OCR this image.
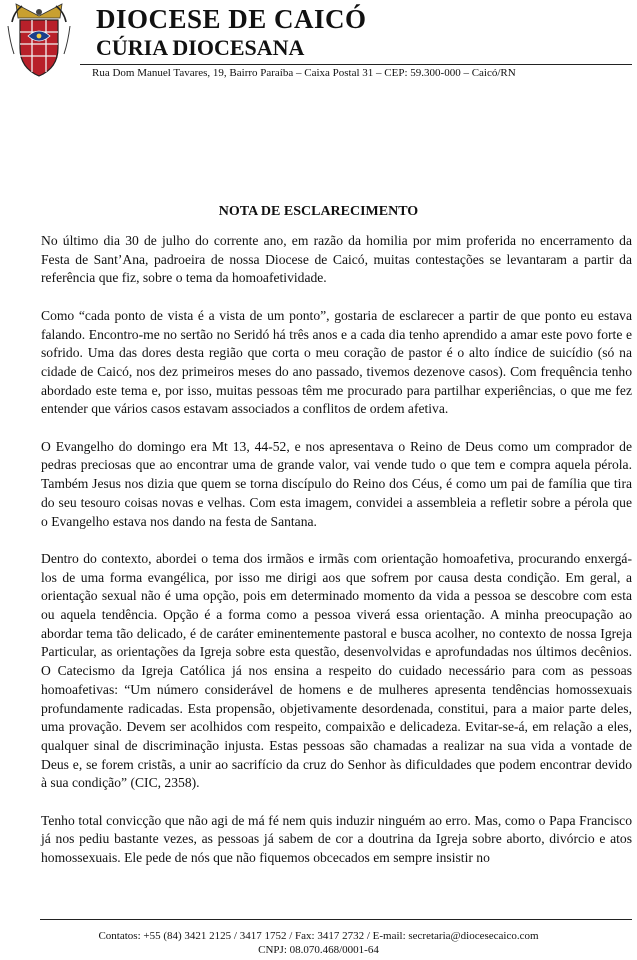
DIOCESE DE CAICÓ
CÚRIA DIOCESANA
Rua Dom Manuel Tavares, 19, Bairro Paraíba – Caixa Postal 31 – CEP: 59.300-000 – Caicó/RN
NOTA DE ESCLARECIMENTO

No último dia 30 de julho do corrente ano, em razão da homilia por mim proferida no encerramento da Festa de Sant’Ana, padroeira de nossa Diocese de Caicó, muitas contestações se levantaram a partir da referência que fiz, sobre o tema da homoafetividade.

Como “cada ponto de vista é a vista de um ponto”, gostaria de esclarecer a partir de que ponto eu estava falando. Encontro-me no sertão no Seridó há três anos e a cada dia tenho aprendido a amar este povo forte e sofrido. Uma das dores desta região que corta o meu coração de pastor é o alto índice de suicídio (só na cidade de Caicó, nos dez primeiros meses do ano passado, tivemos dezenove casos). Com frequência tenho abordado este tema e, por isso, muitas pessoas têm me procurado para partilhar experiências, o que me fez entender que vários casos estavam associados a conflitos de ordem afetiva.

O Evangelho do domingo era Mt 13, 44-52, e nos apresentava o Reino de Deus como um comprador de pedras preciosas que ao encontrar uma de grande valor, vai vende tudo o que tem e compra aquela pérola. Também Jesus nos dizia que quem se torna discípulo do Reino dos Céus, é como um pai de família que tira do seu tesouro coisas novas e velhas. Com esta imagem, convidei a assembleia a refletir sobre a pérola que o Evangelho estava nos dando na festa de Santana.

Dentro do contexto, abordei o tema dos irmãos e irmãs com orientação homoafetiva, procurando enxergá-los de uma forma evangélica, por isso me dirigi aos que sofrem por causa desta condição. Em geral, a orientação sexual não é uma opção, pois em determinado momento da vida a pessoa se descobre com esta ou aquela tendência. Opção é a forma como a pessoa viverá essa orientação. A minha preocupação ao abordar tema tão delicado, é de caráter eminentemente pastoral e busca acolher, no contexto de nossa Igreja Particular, as orientações da Igreja sobre esta questão, desenvolvidas e aprofundadas nos últimos decênios. O Catecismo da Igreja Católica já nos ensina a respeito do cuidado necessário para com as pessoas homoafetivas: “Um número considerável de homens e de mulheres apresenta tendências homossexuais profundamente radicadas. Esta propensão, objetivamente desordenada, constitui, para a maior parte deles, uma provação. Devem ser acolhidos com respeito, compaixão e delicadeza. Evitar-se-á, em relação a eles, qualquer sinal de discriminação injusta. Estas pessoas são chamadas a realizar na sua vida a vontade de Deus e, se forem cristãs, a unir ao sacrifício da cruz do Senhor às dificuldades que podem encontrar devido à sua condição” (CIC, 2358).

Tenho total convicção que não agi de má fé nem quis induzir ninguém ao erro. Mas, como o Papa Francisco já nos pediu bastante vezes, as pessoas já sabem de cor a doutrina da Igreja sobre aborto, divórcio e atos homossexuais. Ele pede de nós que não fiquemos obcecados em sempre insistir no

Contatos: +55 (84) 3421 2125 / 3417 1752 / Fax: 3417 2732 / E-mail: secretaria@diocesecaico.com
CNPJ: 08.070.468/0001-64
